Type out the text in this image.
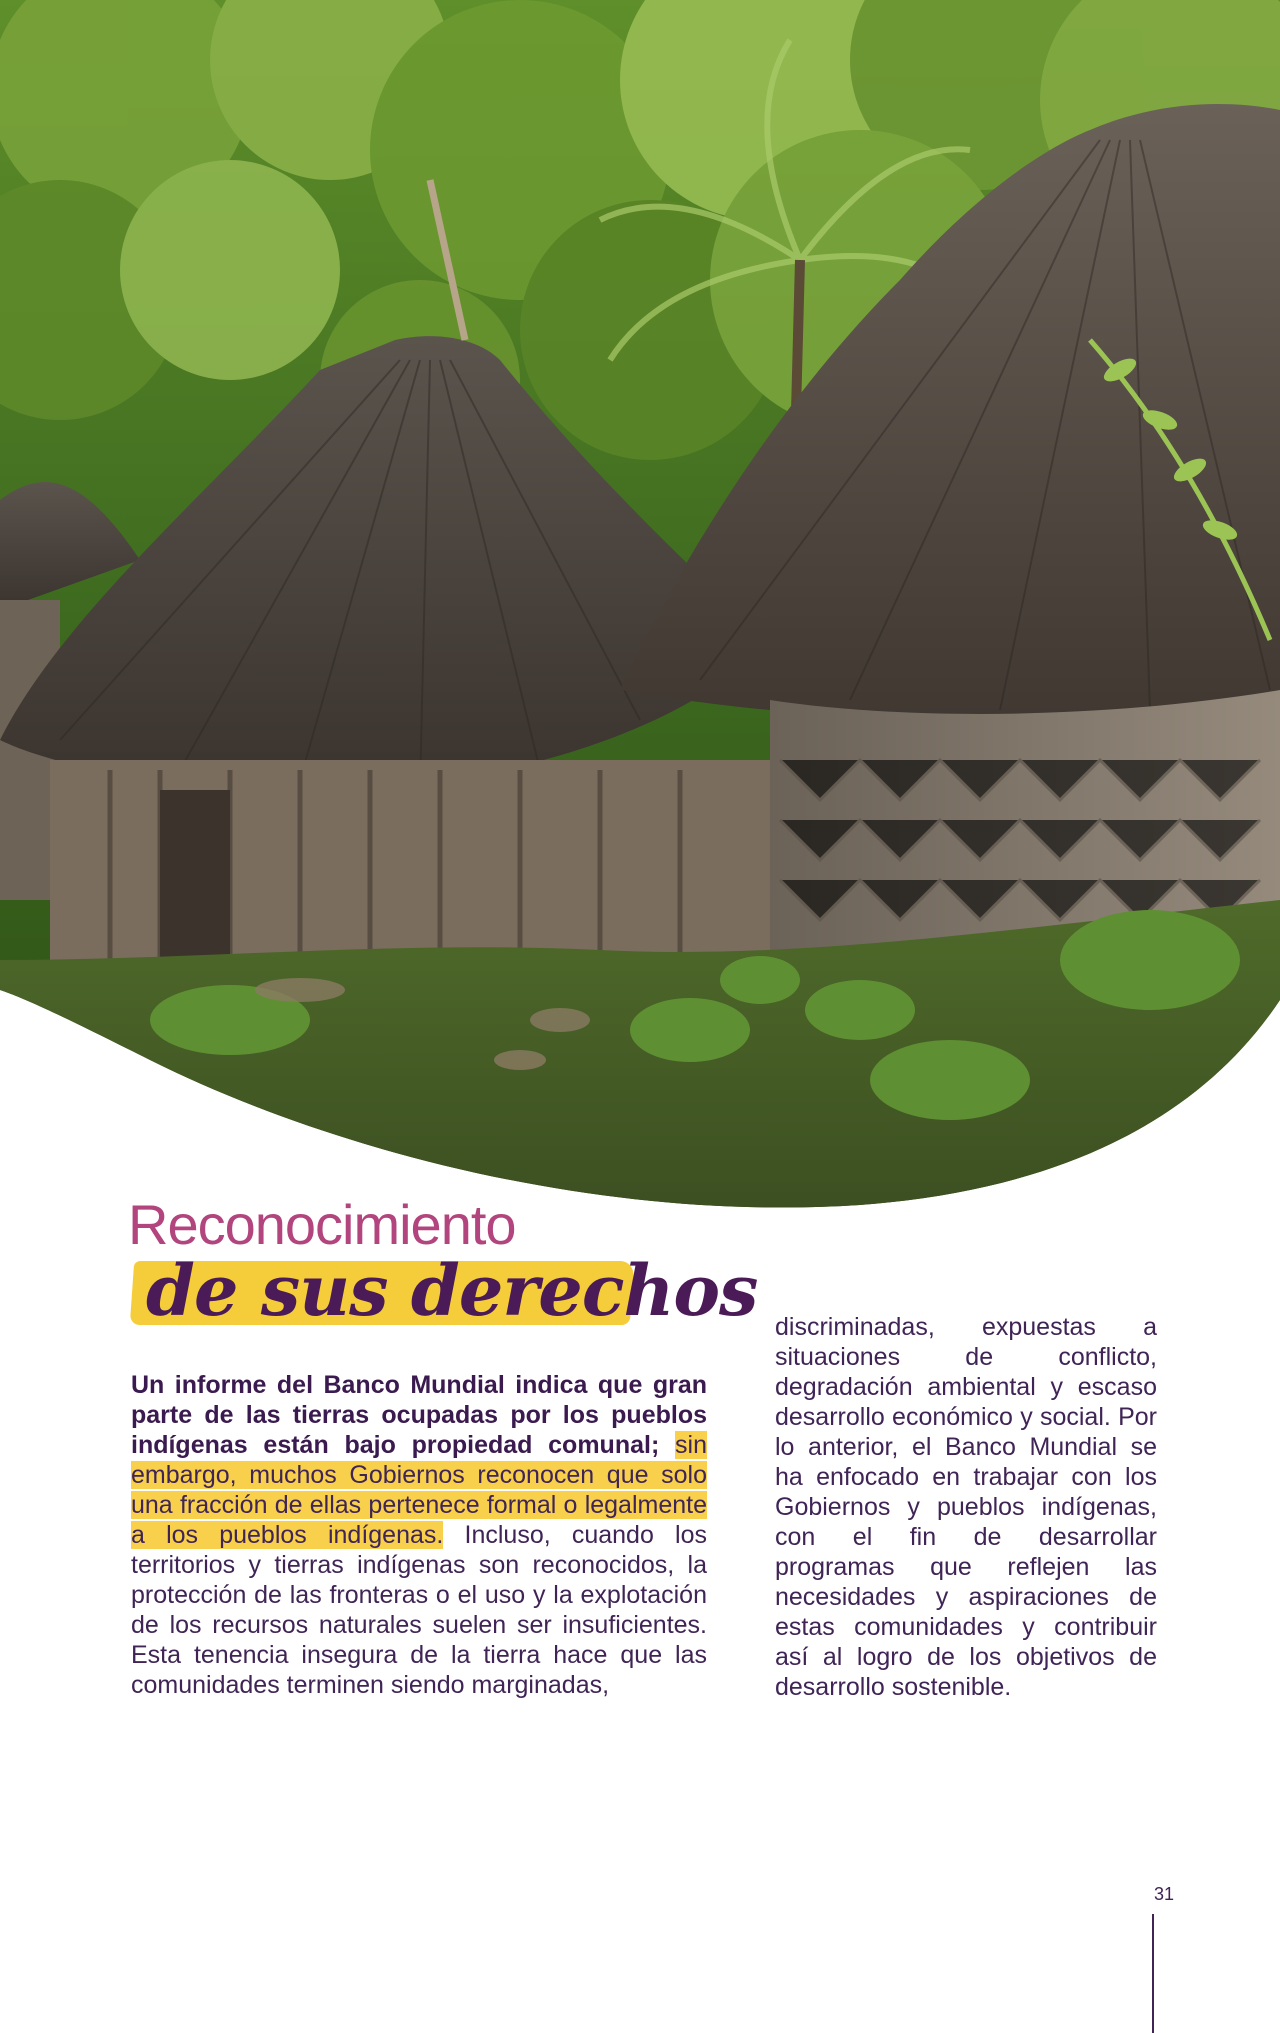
Reconocimiento
de sus derechos

Un informe del Banco Mundial indica que gran parte de las tierras ocupadas por los pueblos indígenas están bajo propiedad comunal; sin embargo, muchos Gobiernos reconocen que solo una fracción de ellas pertenece formal o legalmente a los pueblos indígenas. Incluso, cuando los territorios y tierras indígenas son reconocidos, la protección de las fronteras o el uso y la explotación de los recursos naturales suelen ser insuficientes. Esta tenencia insegura de la tierra hace que las comunidades terminen siendo marginadas,

discriminadas, expuestas a situaciones de conflicto, degradación ambiental y escaso desarrollo económico y social. Por lo anterior, el Banco Mundial se ha enfocado en trabajar con los Gobiernos y pueblos indígenas, con el fin de desarrollar programas que reflejen las necesidades y aspiraciones de estas comunidades y contribuir así al logro de los objetivos de desarrollo sostenible.

31
